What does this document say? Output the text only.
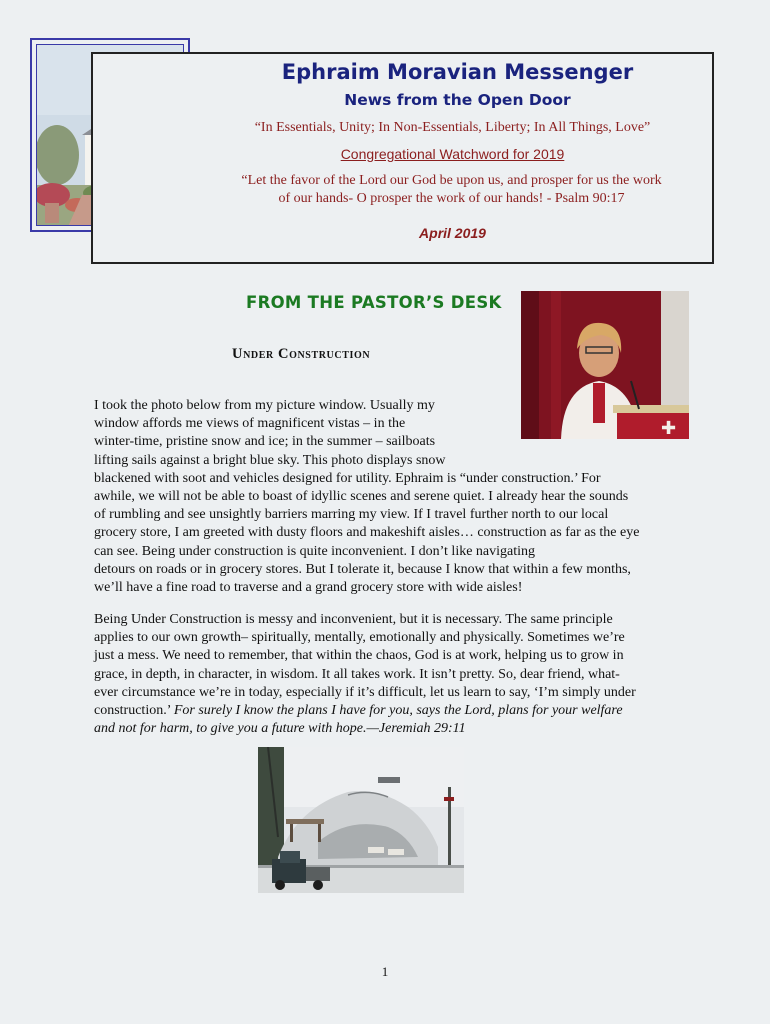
Ephraim Moravian Messenger
News from the Open Door
“In Essentials, Unity; In Non-Essentials, Liberty; In All Things, Love”
Congregational Watchword for 2019
“Let the favor of the Lord our God be upon us, and prosper for us the work
of our hands- O prosper the work of our hands! - Psalm 90:17
April 2019
FROM THE PASTOR’S DESK
✚
Under Construction

I took the photo below from my picture window. Usually my
window affords me views of magnificent vistas – in the
winter-time, pristine snow and ice; in the summer – sailboats
lifting sails against a bright blue sky. This photo displays snow
blackened with soot and vehicles designed for utility. Ephraim is “under construction.’ For
awhile, we will not be able to boast of idyllic scenes and serene quiet. I already hear the sounds
of rumbling and see unsightly barriers marring my view. If I travel further north to our local
grocery store, I am greeted with dusty floors and makeshift aisles… construction as far as the eye
can see. Being under construction is quite inconvenient. I don’t like navigating
detours on roads or in grocery stores. But I tolerate it, because I know that within a few months,
we’ll have a fine road to traverse and a grand grocery store with wide aisles!

Being Under Construction is messy and inconvenient, but it is necessary. The same principle
applies to our own growth– spiritually, mentally, emotionally and physically. Sometimes we’re
just a mess. We need to remember, that within the chaos, God is at work, helping us to grow in
grace, in depth, in character, in wisdom. It all takes work. It isn’t pretty. So, dear friend, what-
ever circumstance we’re in today, especially if it’s difficult, let us learn to say, ‘I’m simply under
construction.’ For surely I know the plans I have for you, says the Lord, plans for your welfare
and not for harm, to give you a future with hope.—Jeremiah 29:11

1
